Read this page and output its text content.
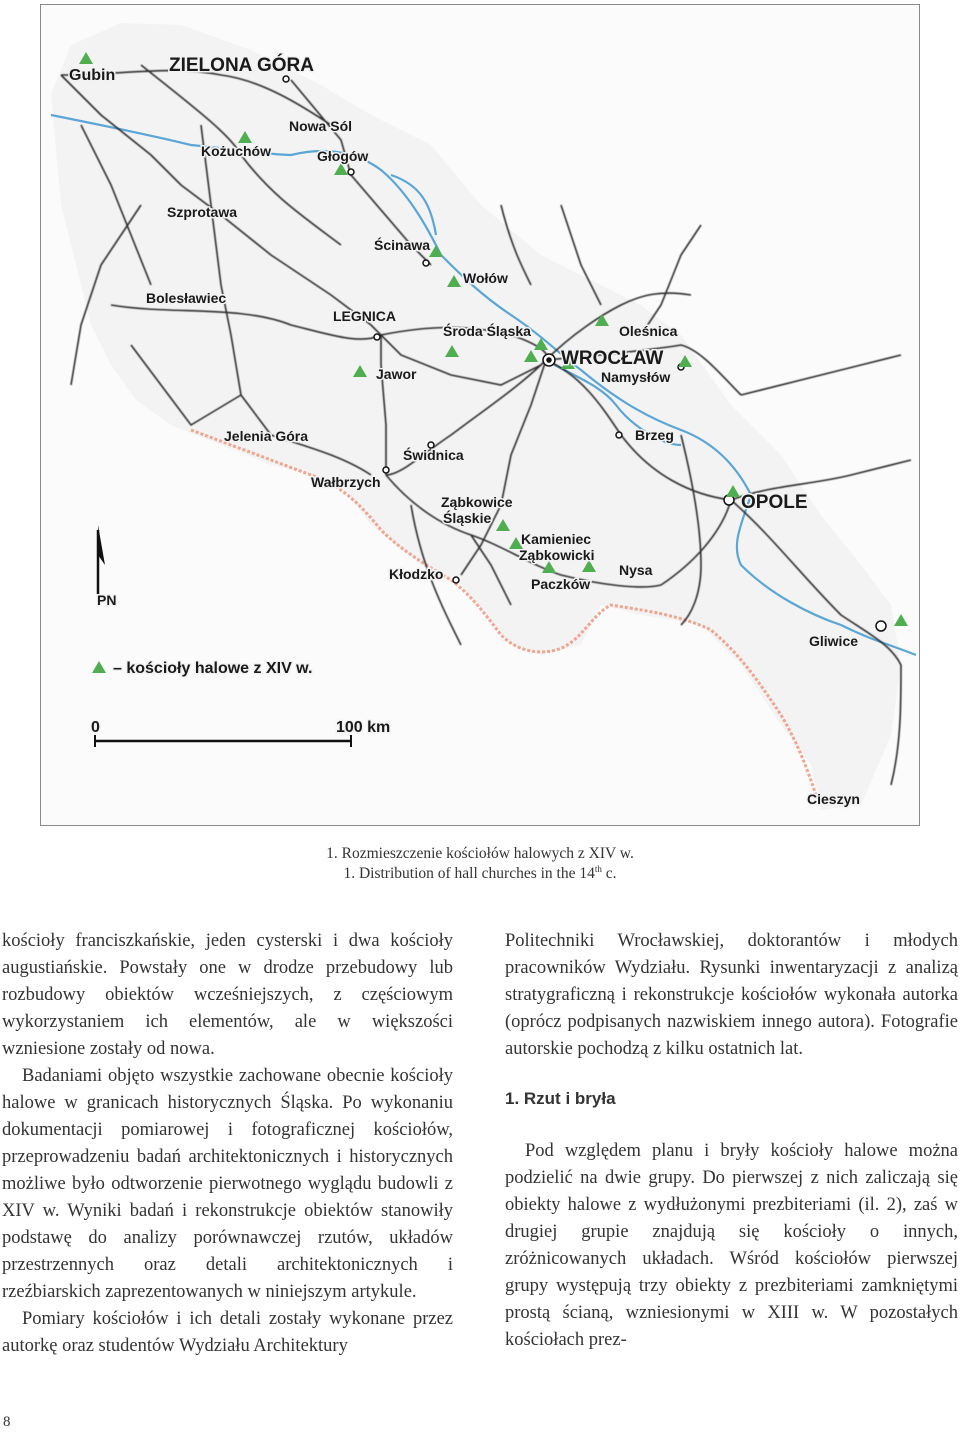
Gubin	ZIELONA GÓRA
Nowa Sól
Kożuchów	Głogów
Szprotawa
Ścinawa
Wołów
Bolesławiec
LEGNICA
Środa Śląska	Oleśnica
WROCŁAW
Namysłów
Jawor
Jelenia Góra
Świdnica
Brzeg
Wałbrzych
OPOLE
Ząbkowice
Śląskie
Kamieniec
Ząbkowicki
Kłodzko	Nysa
Paczków
Gliwice
Cieszyn
PN
– kościoły halowe z XIV w.
0	100 km
1. Rozmieszczenie kościołów halowych z XIV w.
1. Distribution of hall churches in the 14th c.

kościoły franciszkańskie, jeden cysterski i dwa kościoły augustiańskie. Powstały one w drodze przebudowy lub rozbudowy obiektów wcześniejszych, z częściowym wykorzystaniem ich elementów, ale w większości wzniesione zostały od nowa.

Badaniami objęto wszystkie zachowane obecnie kościoły halowe w granicach historycznych Śląska. Po wykonaniu dokumentacji pomiarowej i fotograficznej kościołów, przeprowadzeniu badań architektonicznych i historycznych możliwe było odtworzenie pierwotnego wyglądu budowli z XIV w. Wyniki badań i rekonstrukcje obiektów stanowiły podstawę do analizy porównawczej rzutów, układów przestrzennych oraz detali architektonicznych i rzeźbiarskich zaprezentowanych w niniejszym artykule.

Pomiary kościołów i ich detali zostały wykonane przez autorkę oraz studentów Wydziału Architektury

Politechniki Wrocławskiej, doktorantów i młodych pracowników Wydziału. Rysunki inwentaryzacji z analizą stratygraficzną i rekonstrukcje kościołów wykonała autorka (oprócz podpisanych nazwiskiem innego autora). Fotografie autorskie pochodzą z kilku ostatnich lat.

1. Rzut i bryła

Pod względem planu i bryły kościoły halowe można podzielić na dwie grupy. Do pierwszej z nich zaliczają się obiekty halowe z wydłużonymi prezbiteriami (il. 2), zaś w drugiej grupie znajdują się kościoły o innych, zróżnicowanych układach. Wśród kościołów pierwszej grupy występują trzy obiekty z prezbiteriami zamkniętymi prostą ścianą, wzniesionymi w XIII w. W pozostałych kościołach prez-

8
